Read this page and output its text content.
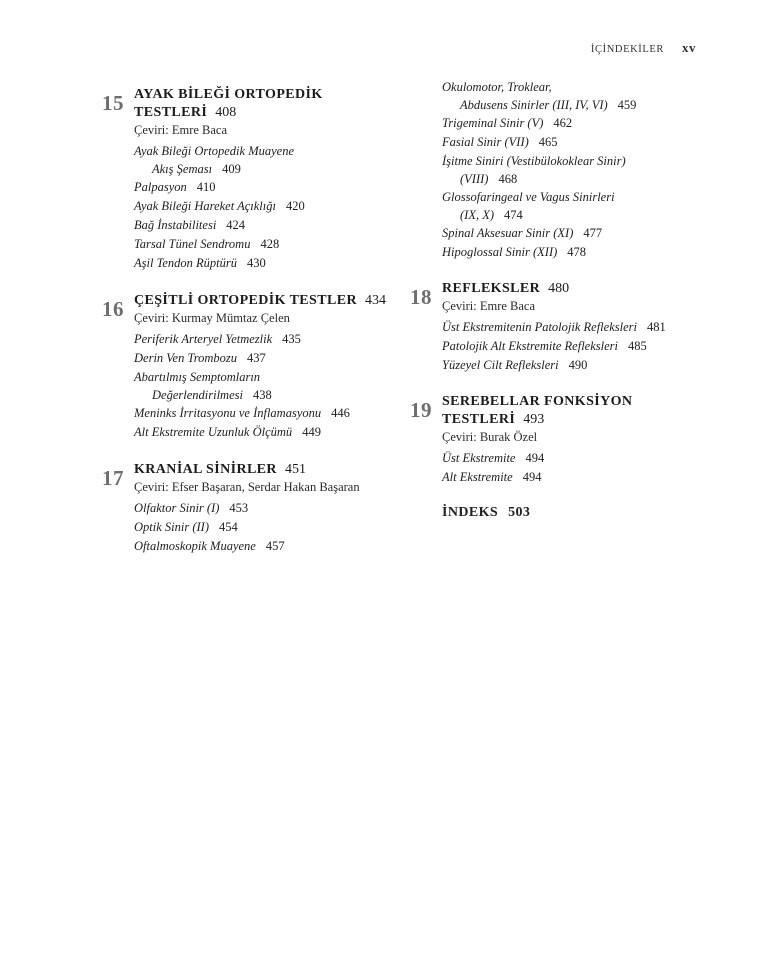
İÇİNDEKİLER xv
15 AYAK BİLEĞİ ORTOPEDİK
TESTLERİ 408
Çeviri: Emre Baca
Ayak Bileği Ortopedik Muayene
Akış Şeması 409
Palpasyon 410
Ayak Bileği Hareket Açıklığı 420
Bağ İnstabilitesi 424
Tarsal Tünel Sendromu 428
Aşil Tendon Rüptürü 430
16 ÇEŞİTLİ ORTOPEDİK TESTLER 434
Çeviri: Kurmay Mümtaz Çelen
Periferik Arteryel Yetmezlik 435
Derin Ven Trombozu 437
Abartılmış Semptomların
Değerlendirilmesi 438
Meninks İrritasyonu ve İnflamasyonu 446
Alt Ekstremite Uzunluk Ölçümü 449
17 KRANİAL SİNİRLER 451
Çeviri: Efser Başaran, Serdar Hakan Başaran
Olfaktor Sinir (I) 453
Optik Sinir (II) 454
Oftalmoskopik Muayene 457
Okulomotor, Troklear,
Abdusens Sinirler (III, IV, VI) 459
Trigeminal Sinir (V) 462
Fasial Sinir (VII) 465
İşitme Siniri (Vestibülokoklear Sinir)
(VIII) 468
Glossofaringeal ve Vagus Sinirleri
(IX, X) 474
Spinal Aksesuar Sinir (XI) 477
Hipoglossal Sinir (XII) 478
18 REFLEKSLER 480
Çeviri: Emre Baca
Üst Ekstremitenin Patolojik Refleksleri 481
Patolojik Alt Ekstremite Refleksleri 485
Yüzeyel Cilt Refleksleri 490
19 SEREBELLAR FONKSİYON
TESTLERİ 493
Çeviri: Burak Özel
Üst Ekstremite 494
Alt Ekstremite 494
İNDEKS 503
